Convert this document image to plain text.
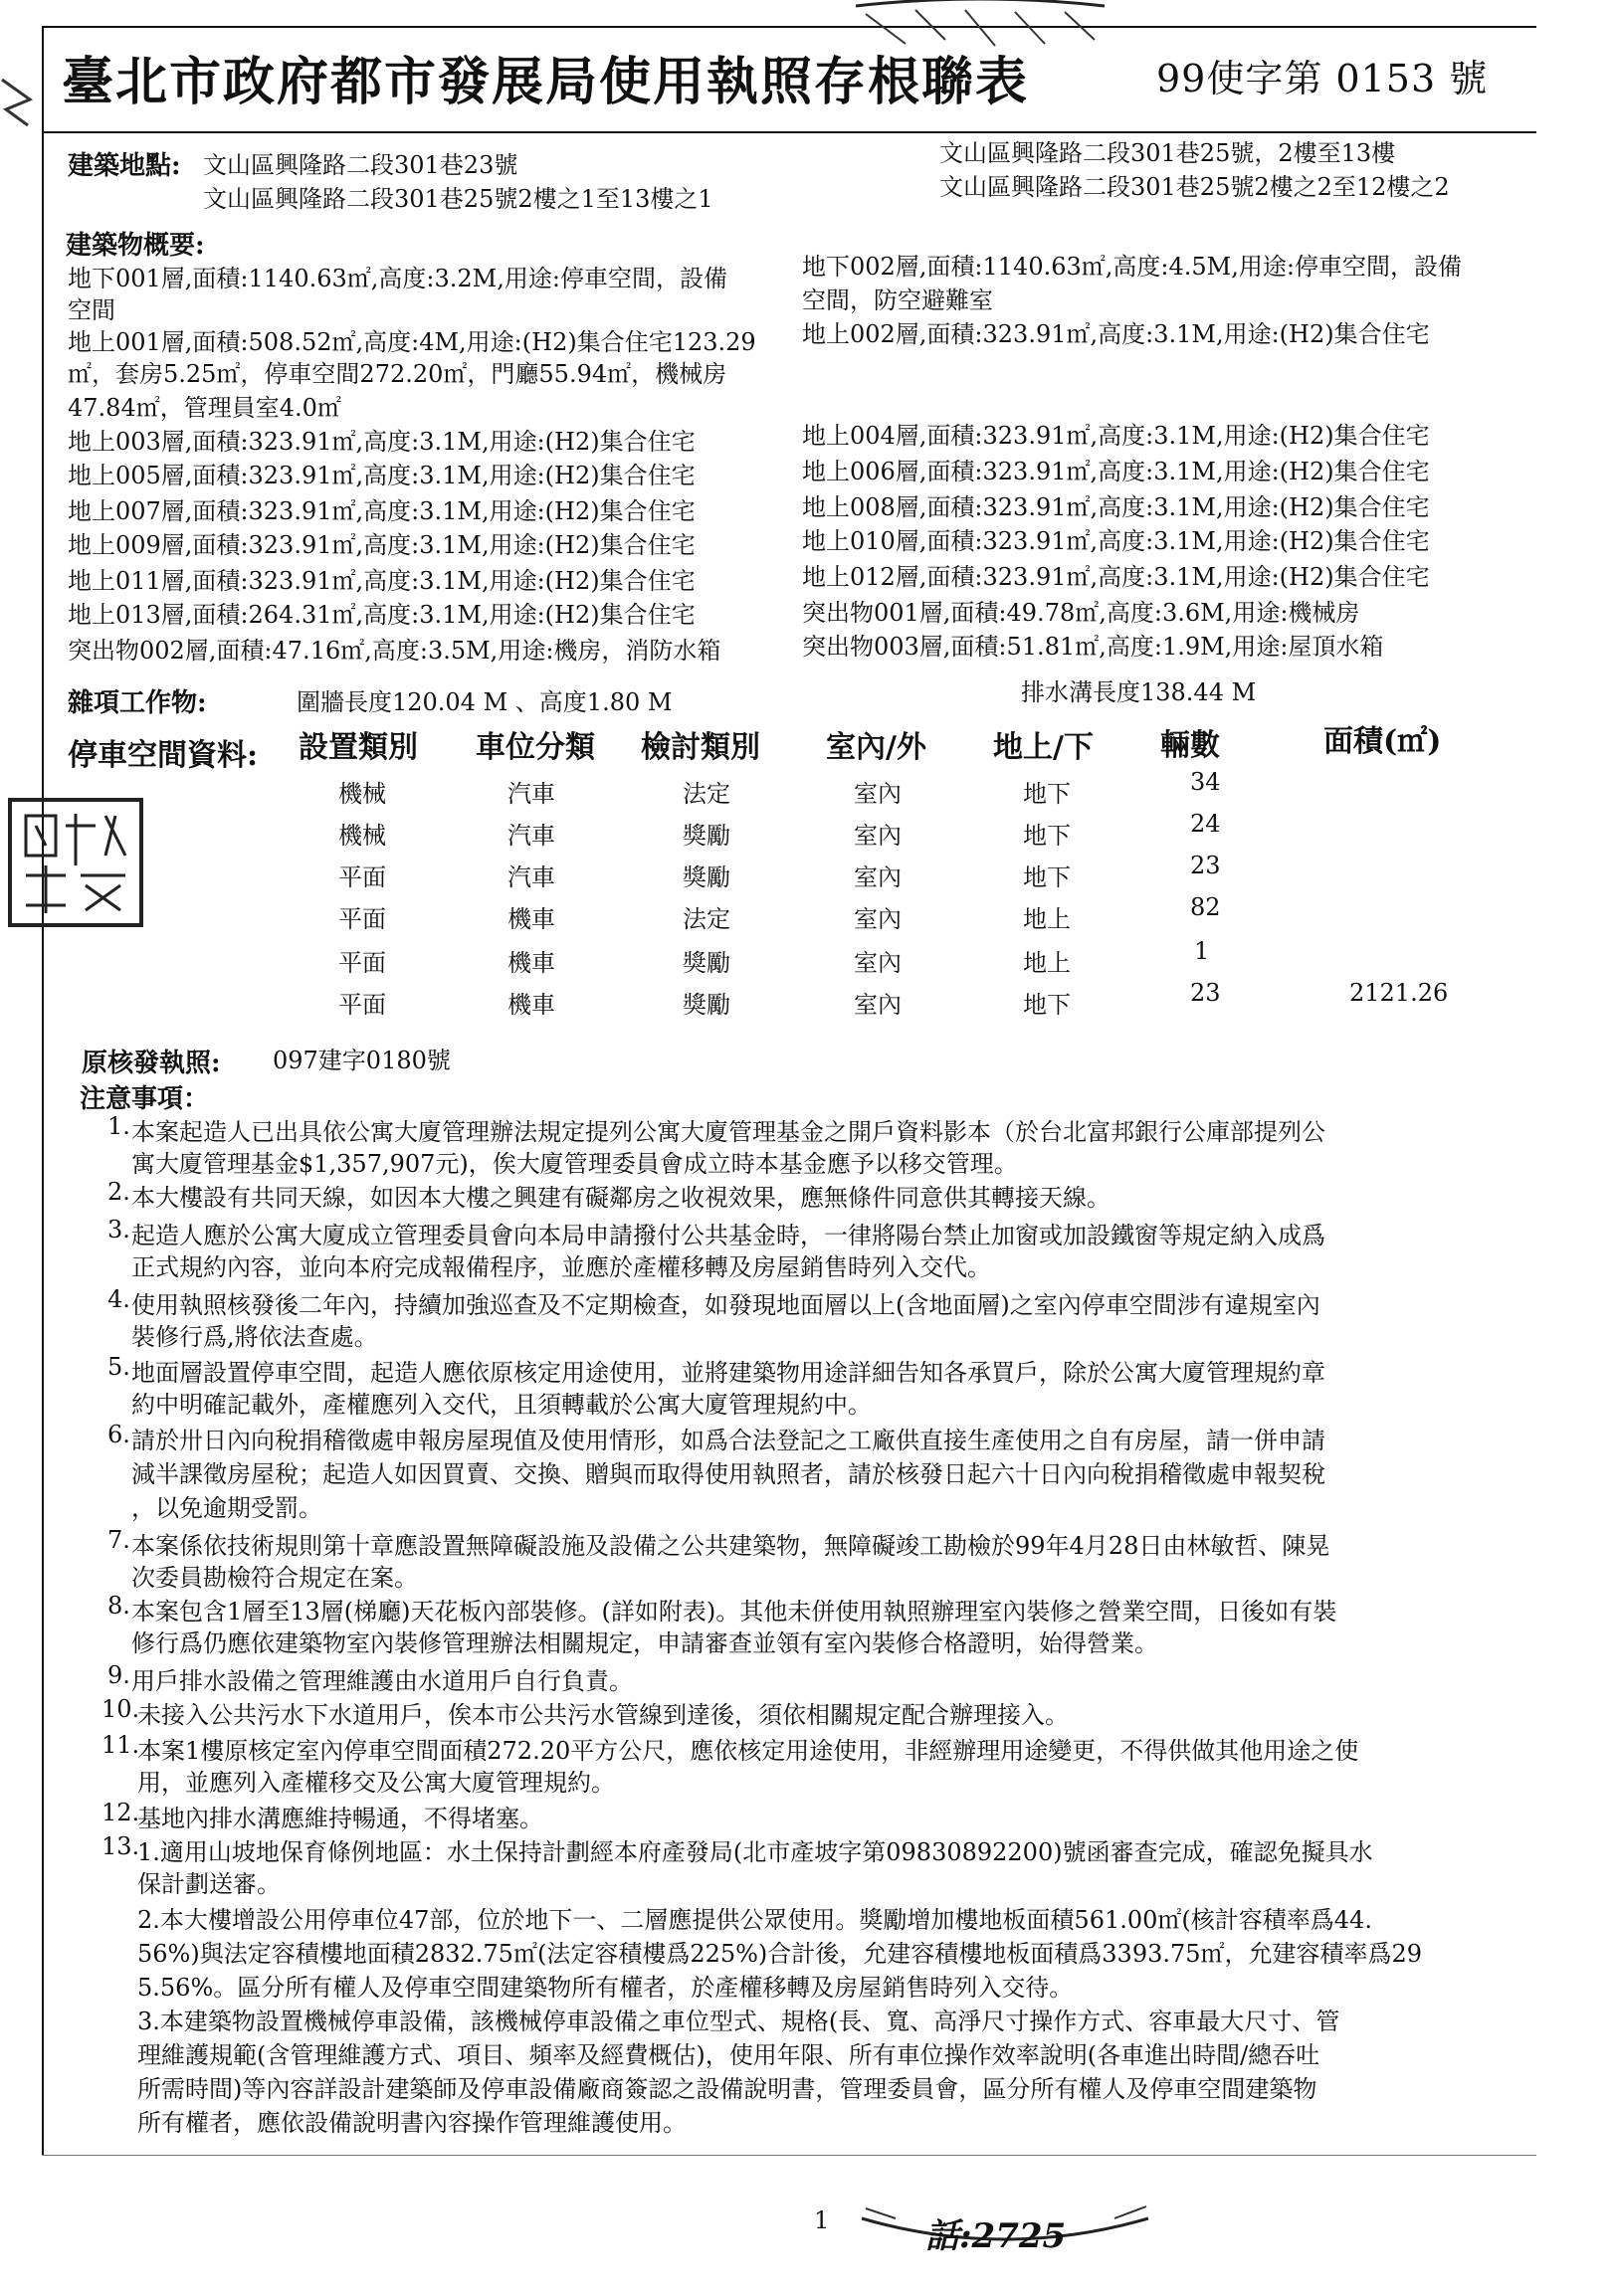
臺北市政府都市發展局使用執照存根聯表	99使字第 0153 號
建築地點: 文山區興隆路二段301巷23號	文山區興隆路二段301巷25號，2樓至13樓
文山區興隆路二段301巷25號2樓之1至13樓之1	文山區興隆路二段301巷25號2樓之2至12樓之2
建築物概要:
地下001層,面積:1140.63㎡,高度:3.2M,用途:停車空間，設備
空間
地上001層,面積:508.52㎡,高度:4M,用途:(H2)集合住宅123.29
㎡，套房5.25㎡，停車空間272.20㎡，門廳55.94㎡，機械房
47.84㎡，管理員室4.0㎡
地上003層,面積:323.91㎡,高度:3.1M,用途:(H2)集合住宅
地上005層,面積:323.91㎡,高度:3.1M,用途:(H2)集合住宅
地上007層,面積:323.91㎡,高度:3.1M,用途:(H2)集合住宅
地上009層,面積:323.91㎡,高度:3.1M,用途:(H2)集合住宅
地上011層,面積:323.91㎡,高度:3.1M,用途:(H2)集合住宅
地上013層,面積:264.31㎡,高度:3.1M,用途:(H2)集合住宅
突出物002層,面積:47.16㎡,高度:3.5M,用途:機房，消防水箱
地下002層,面積:1140.63㎡,高度:4.5M,用途:停車空間，設備
空間，防空避難室
地上002層,面積:323.91㎡,高度:3.1M,用途:(H2)集合住宅
地上004層,面積:323.91㎡,高度:3.1M,用途:(H2)集合住宅
地上006層,面積:323.91㎡,高度:3.1M,用途:(H2)集合住宅
地上008層,面積:323.91㎡,高度:3.1M,用途:(H2)集合住宅
地上010層,面積:323.91㎡,高度:3.1M,用途:(H2)集合住宅
地上012層,面積:323.91㎡,高度:3.1M,用途:(H2)集合住宅
突出物001層,面積:49.78㎡,高度:3.6M,用途:機械房
突出物003層,面積:51.81㎡,高度:1.9M,用途:屋頂水箱
雜項工作物:	圍牆長度120.04 M 、高度1.80 M	排水溝長度138.44 M
停車空間資料: 設置類別 車位分類 檢討類別 室內/外 地上/下 輛數	面積(㎡)
機械	汽車	法定	室內	地下	34
機械	汽車	獎勵	室內	地下	24
平面	汽車	獎勵	室內	地下	23
平面	機車	法定	室內	地上	82
平面	機車	獎勵	室內	地上	1
平面	機車	獎勵	室內	地下	23	2121.26
原核發執照: 097建字0180號
注意事項：
1. 本案起造人已出具依公寓大廈管理辦法規定提列公寓大廈管理基金之開戶資料影本（於台北富邦銀行公庫部提列公
寓大廈管理基金$1,357,907元)，俟大廈管理委員會成立時本基金應予以移交管理。
2. 本大樓設有共同天線，如因本大樓之興建有礙鄰房之收視效果，應無條件同意供其轉接天線。
3. 起造人應於公寓大廈成立管理委員會向本局申請撥付公共基金時，一律將陽台禁止加窗或加設鐵窗等規定納入成爲
正式規約內容，並向本府完成報備程序，並應於產權移轉及房屋銷售時列入交代。
4. 使用執照核發後二年內，持續加強巡查及不定期檢查，如發現地面層以上(含地面層)之室內停車空間涉有違規室內
裝修行爲,將依法查處。
5. 地面層設置停車空間，起造人應依原核定用途使用，並將建築物用途詳細告知各承買戶，除於公寓大廈管理規約章
約中明確記載外，產權應列入交代，且須轉載於公寓大廈管理規約中。
6. 請於卅日內向稅捐稽徵處申報房屋現值及使用情形，如爲合法登記之工廠供直接生產使用之自有房屋，請一併申請
減半課徵房屋稅；起造人如因買賣、交換、贈與而取得使用執照者，請於核發日起六十日內向稅捐稽徵處申報契稅
，以免逾期受罰。
7. 本案係依技術規則第十章應設置無障礙設施及設備之公共建築物，無障礙竣工勘檢於99年4月28日由林敏哲、陳晃
次委員勘檢符合規定在案。
8. 本案包含1層至13層(梯廳)天花板內部裝修。(詳如附表)。其他未併使用執照辦理室內裝修之營業空間，日後如有裝
修行爲仍應依建築物室內裝修管理辦法相關規定，申請審查並領有室內裝修合格證明，始得營業。
9. 用戶排水設備之管理維護由水道用戶自行負責。
10.
未接入公共污水下水道用戶，俟本市公共污水管線到達後，須依相關規定配合辦理接入。
11.
本案1樓原核定室內停車空間面積272.20平方公尺，應依核定用途使用，非經辦理用途變更，不得供做其他用途之使
用，並應列入產權移交及公寓大廈管理規約。
12.
基地內排水溝應維持暢通，不得堵塞。
13.
1.適用山坡地保育條例地區：水土保持計劃經本府產發局(北市產坡字第09830892200)號函審查完成，確認免擬具水
保計劃送審。
2.本大樓增設公用停車位47部，位於地下一、二層應提供公眾使用。獎勵增加樓地板面積561.00㎡(核計容積率爲44.
56%)與法定容積樓地面積2832.75㎡(法定容積樓爲225%)合計後，允建容積樓地板面積爲3393.75㎡，允建容積率爲29
5.56%。區分所有權人及停車空間建築物所有權者，於產權移轉及房屋銷售時列入交待。
3.本建築物設置機械停車設備，該機械停車設備之車位型式、規格(長、寬、高淨尺寸操作方式、容車最大尺寸、管
理維護規範(含管理維護方式、項目、頻率及經費概估)，使用年限、所有車位操作效率說明(各車進出時間/總吞吐
所需時間)等內容詳設計建築師及停車設備廠商簽認之設備說明書，管理委員會，區分所有權人及停車空間建築物
所有權者，應依設備說明書內容操作管理維護使用。
1	話:2725
